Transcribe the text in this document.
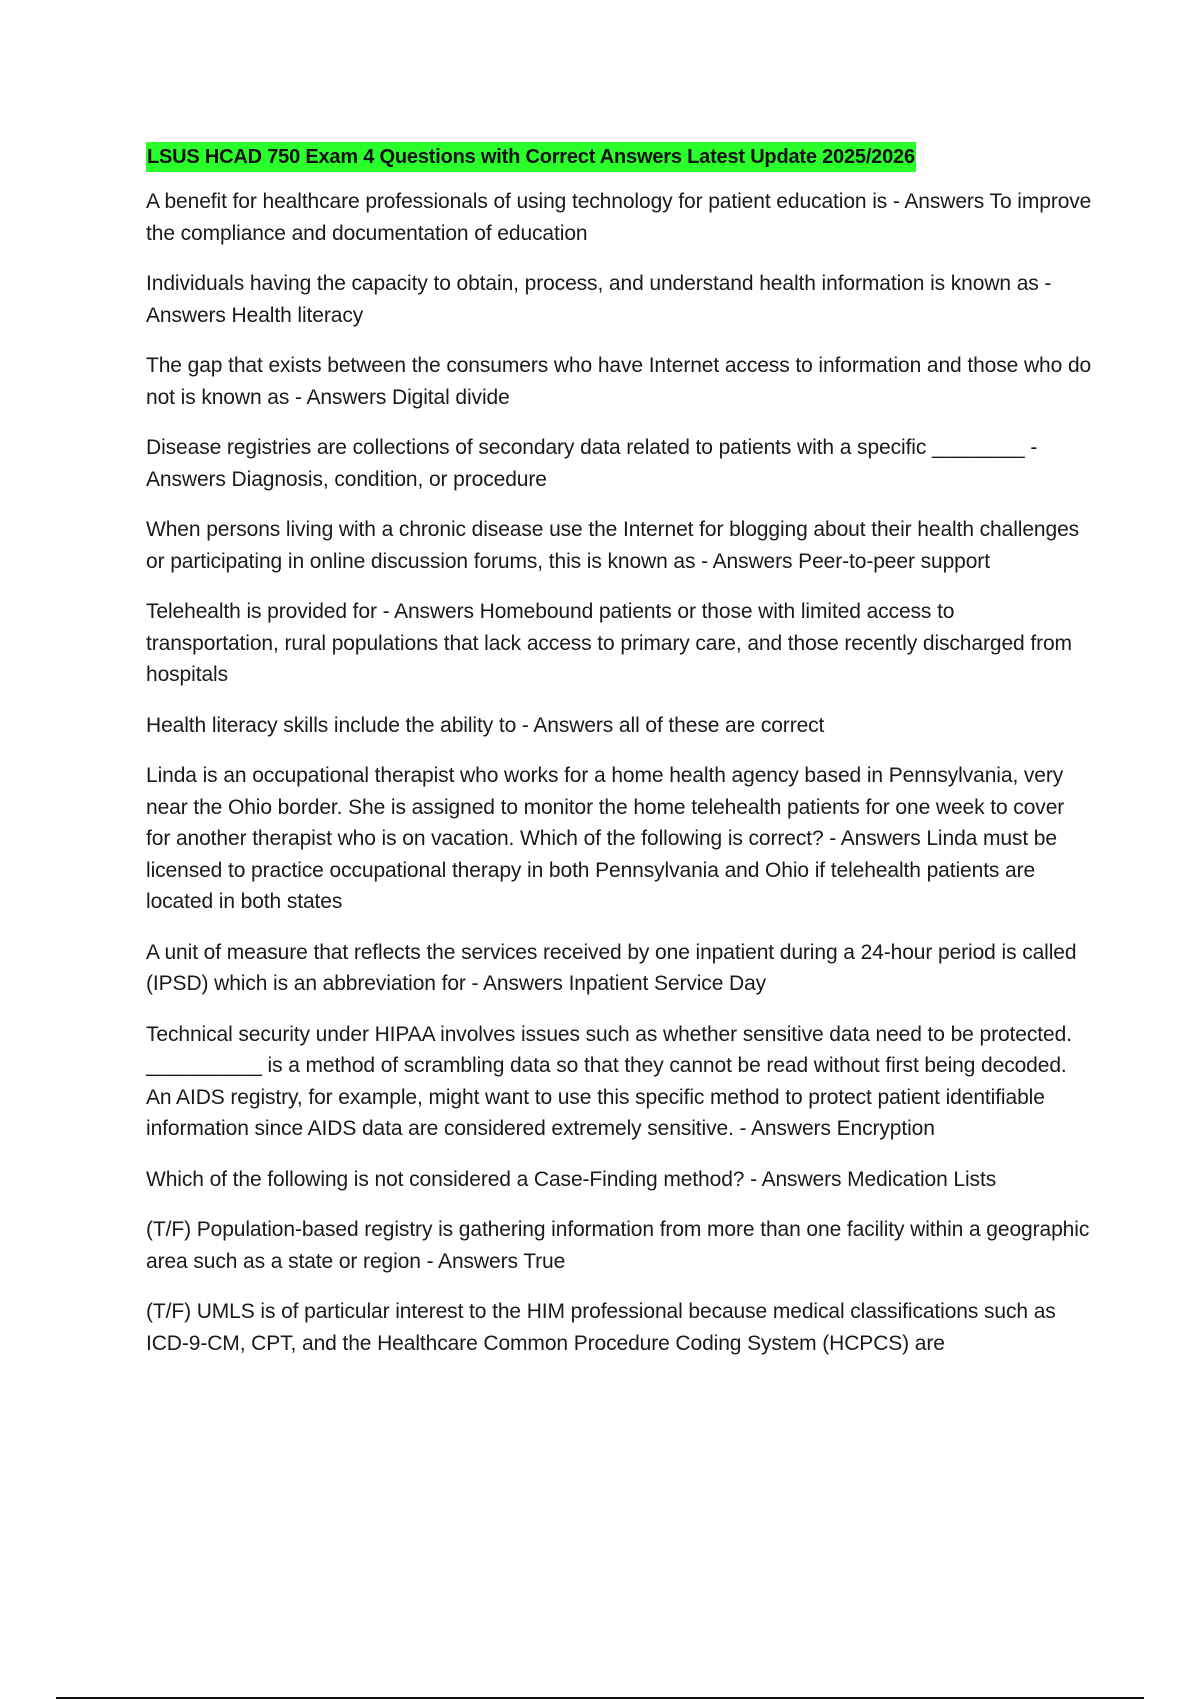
LSUS HCAD 750 Exam 4 Questions with Correct Answers Latest Update 2025/2026

A benefit for healthcare professionals of using technology for patient education is - Answers To improve the compliance and documentation of education

Individuals having the capacity to obtain, process, and understand health information is known as - Answers Health literacy

The gap that exists between the consumers who have Internet access to information and those who do not is known as - Answers Digital divide

Disease registries are collections of secondary data related to patients with a specific ________ - Answers Diagnosis, condition, or procedure

When persons living with a chronic disease use the Internet for blogging about their health challenges or participating in online discussion forums, this is known as - Answers Peer-to-peer support

Telehealth is provided for - Answers Homebound patients or those with limited access to transportation, rural populations that lack access to primary care, and those recently discharged from hospitals

Health literacy skills include the ability to - Answers all of these are correct

Linda is an occupational therapist who works for a home health agency based in Pennsylvania, very near the Ohio border. She is assigned to monitor the home telehealth patients for one week to cover for another therapist who is on vacation. Which of the following is correct? - Answers Linda must be licensed to practice occupational therapy in both Pennsylvania and Ohio if telehealth patients are located in both states

A unit of measure that reflects the services received by one inpatient during a 24-hour period is called (IPSD) which is an abbreviation for - Answers Inpatient Service Day

Technical security under HIPAA involves issues such as whether sensitive data need to be protected. __________ is a method of scrambling data so that they cannot be read without first being decoded. An AIDS registry, for example, might want to use this specific method to protect patient identifiable information since AIDS data are considered extremely sensitive. - Answers Encryption

Which of the following is not considered a Case-Finding method? - Answers Medication Lists

(T/F) Population-based registry is gathering information from more than one facility within a geographic area such as a state or region - Answers True

(T/F) UMLS is of particular interest to the HIM professional because medical classifications such as ICD-9-CM, CPT, and the Healthcare Common Procedure Coding System (HCPCS) are
